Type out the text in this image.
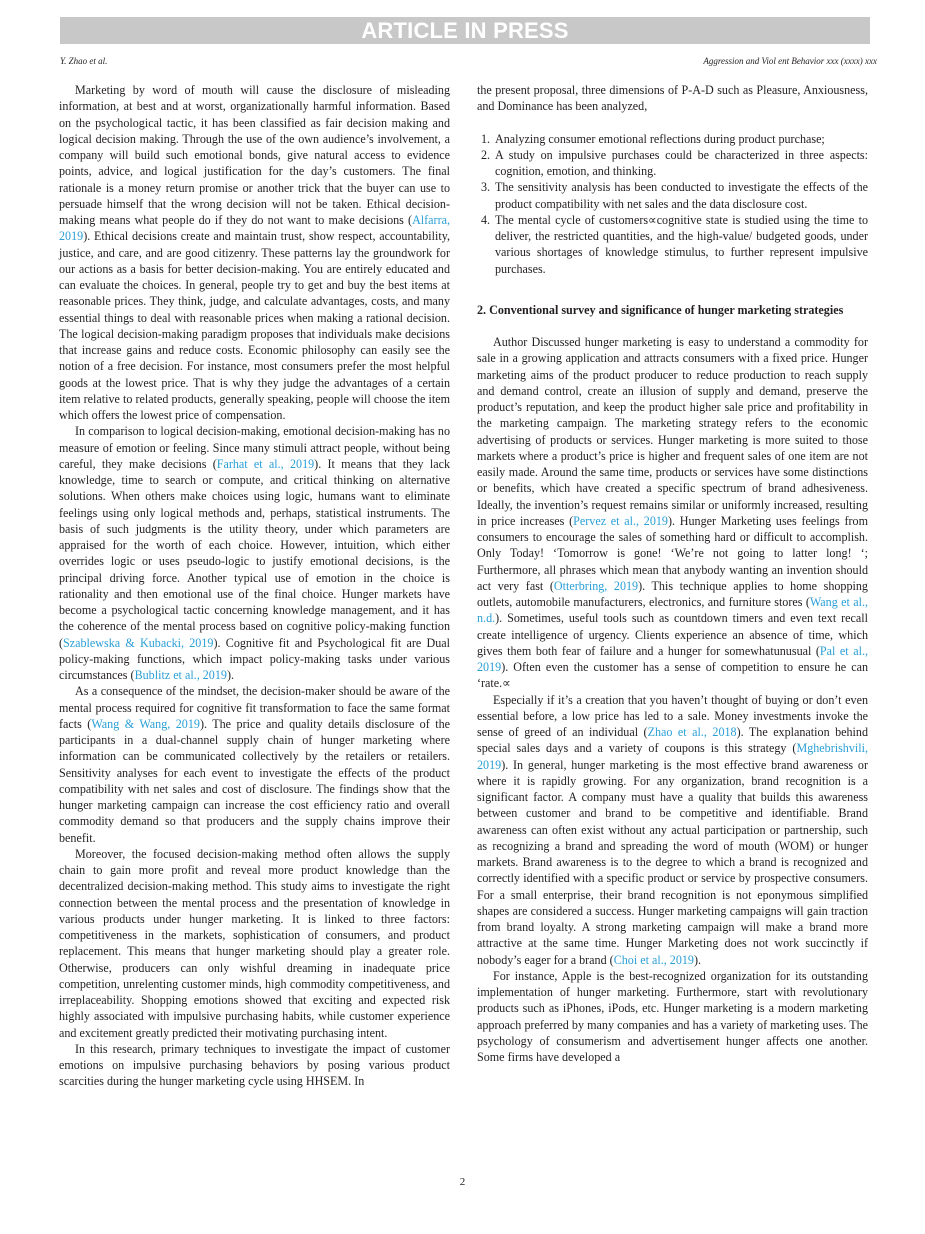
ARTICLE IN PRESS
Y. Zhao et al.	Aggression and Viol ent Behavior xxx (xxxx) xxx

Marketing by word of mouth will cause the disclosure of misleading information, at best and at worst, organizationally harmful information. Based on the psychological tactic, it has been classified as fair decision making and logical decision making. Through the use of the own audience’s involvement, a company will build such emotional bonds, give natural access to evidence points, advice, and logical justification for the day’s customers. The final rationale is a money return promise or another trick that the buyer can use to persuade himself that the wrong decision will not be taken. Ethical decision-making means what people do if they do not want to make decisions (Alfarra, 2019). Ethical decisions create and maintain trust, show respect, accountability, justice, and care, and are good citizenry. These patterns lay the groundwork for our actions as a basis for better decision-making. You are entirely educated and can evaluate the choices. In general, people try to get and buy the best items at reasonable prices. They think, judge, and calculate advantages, costs, and many essential things to deal with reasonable prices when making a rational decision. The logical decision-making paradigm proposes that individuals make decisions that increase gains and reduce costs. Economic philosophy can easily see the notion of a free decision. For instance, most consumers prefer the most helpful goods at the lowest price. That is why they judge the advantages of a certain item relative to related products, generally speaking, people will choose the item which offers the lowest price of compensation.

In comparison to logical decision-making, emotional decision-making has no measure of emotion or feeling. Since many stimuli attract people, without being careful, they make decisions (Farhat et al., 2019). It means that they lack knowledge, time to search or compute, and critical thinking on alternative solutions. When others make choices using logic, humans want to eliminate feelings using only logical methods and, perhaps, statistical instruments. The basis of such judgments is the utility theory, under which parameters are appraised for the worth of each choice. However, intuition, which either overrides logic or uses pseudo-logic to justify emotional decisions, is the principal driving force. Another typical use of emotion in the choice is rationality and then emotional use of the final choice. Hunger markets have become a psychological tactic concerning knowledge management, and it has the coherence of the mental process based on cognitive policy-making function (Szablewska & Kubacki, 2019). Cognitive fit and Psychological fit are Dual policy-making functions, which impact policy-making tasks under various circumstances (Bublitz et al., 2019).

As a consequence of the mindset, the decision-maker should be aware of the mental process required for cognitive fit transformation to face the same format facts (Wang & Wang, 2019). The price and quality details disclosure of the participants in a dual-channel supply chain of hunger marketing where information can be communicated collectively by the retailers or retailers. Sensitivity analyses for each event to investigate the effects of the product compatibility with net sales and cost of disclosure. The findings show that the hunger marketing campaign can increase the cost efficiency ratio and overall commodity demand so that producers and the supply chains improve their benefit.

Moreover, the focused decision-making method often allows the supply chain to gain more profit and reveal more product knowledge than the decentralized decision-making method. This study aims to investigate the right connection between the mental process and the presentation of knowledge in various products under hunger marketing. It is linked to three factors: competitiveness in the markets, sophistication of consumers, and product replacement. This means that hunger marketing should play a greater role. Otherwise, producers can only wishful dreaming in inadequate price competition, unrelenting customer minds, high commodity competitiveness, and irreplaceability. Shopping emotions showed that exciting and expected risk highly associated with impulsive purchasing habits, while customer experience and excitement greatly predicted their motivating purchasing intent.

In this research, primary techniques to investigate the impact of customer emotions on impulsive purchasing behaviors by posing various product scarcities during the hunger marketing cycle using HHSEM. In

the present proposal, three dimensions of P-A-D such as Pleasure, Anxiousness, and Dominance has been analyzed,

1. Analyzing consumer emotional reflections during product purchase;
2. A study on impulsive purchases could be characterized in three aspects: cognition, emotion, and thinking.
3. The sensitivity analysis has been conducted to investigate the effects of the product compatibility with net sales and the data disclosure cost.
4. The mental cycle of customers∝cognitive state is studied using the time to deliver, the restricted quantities, and the high-value/ budgeted goods, under various shortages of knowledge stimulus, to further represent impulsive purchases.
2. Conventional survey and significance of hunger marketing strategies

Author Discussed hunger marketing is easy to understand a commodity for sale in a growing application and attracts consumers with a fixed price. Hunger marketing aims of the product producer to reduce production to reach supply and demand control, create an illusion of supply and demand, preserve the product’s reputation, and keep the product higher sale price and profitability in the marketing campaign. The marketing strategy refers to the economic advertising of products or services. Hunger marketing is more suited to those markets where a product’s price is higher and frequent sales of one item are not easily made. Around the same time, products or services have some distinctions or benefits, which have created a specific spectrum of brand adhesiveness. Ideally, the invention’s request remains similar or uniformly increased, resulting in price increases (Pervez et al., 2019). Hunger Marketing uses feelings from consumers to encourage the sales of something hard or difficult to accomplish. Only Today! ‘Tomorrow is gone! ‘We’re not going to latter long! ‘; Furthermore, all phrases which mean that anybody wanting an invention should act very fast (Otterbring, 2019). This technique applies to home shopping outlets, automobile manufacturers, electronics, and furniture stores (Wang et al., n.d.). Sometimes, useful tools such as countdown timers and even text recall create intelligence of urgency. Clients experience an absence of time, which gives them both fear of failure and a hunger for somewhatunusual (Pal et al., 2019). Often even the customer has a sense of competition to ensure he can ‘rate.∝

Especially if it’s a creation that you haven’t thought of buying or don’t even essential before, a low price has led to a sale. Money investments invoke the sense of greed of an individual (Zhao et al., 2018). The explanation behind special sales days and a variety of coupons is this strategy (Mghebrishvili, 2019). In general, hunger marketing is the most effective brand awareness or where it is rapidly growing. For any organization, brand recognition is a significant factor. A company must have a quality that builds this awareness between customer and brand to be competitive and identifiable. Brand awareness can often exist without any actual participation or partnership, such as recognizing a brand and spreading the word of mouth (WOM) or hunger markets. Brand awareness is to the degree to which a brand is recognized and correctly identified with a specific product or service by prospective consumers. For a small enterprise, their brand recognition is not eponymous simplified shapes are considered a success. Hunger marketing campaigns will gain traction from brand loyalty. A strong marketing campaign will make a brand more attractive at the same time. Hunger Marketing does not work succinctly if nobody’s eager for a brand (Choi et al., 2019).

For instance, Apple is the best-recognized organization for its outstanding implementation of hunger marketing. Furthermore, start with revolutionary products such as iPhones, iPods, etc. Hunger marketing is a modern marketing approach preferred by many companies and has a variety of marketing uses. The psychology of consumerism and advertisement hunger affects one another. Some firms have developed a

2
